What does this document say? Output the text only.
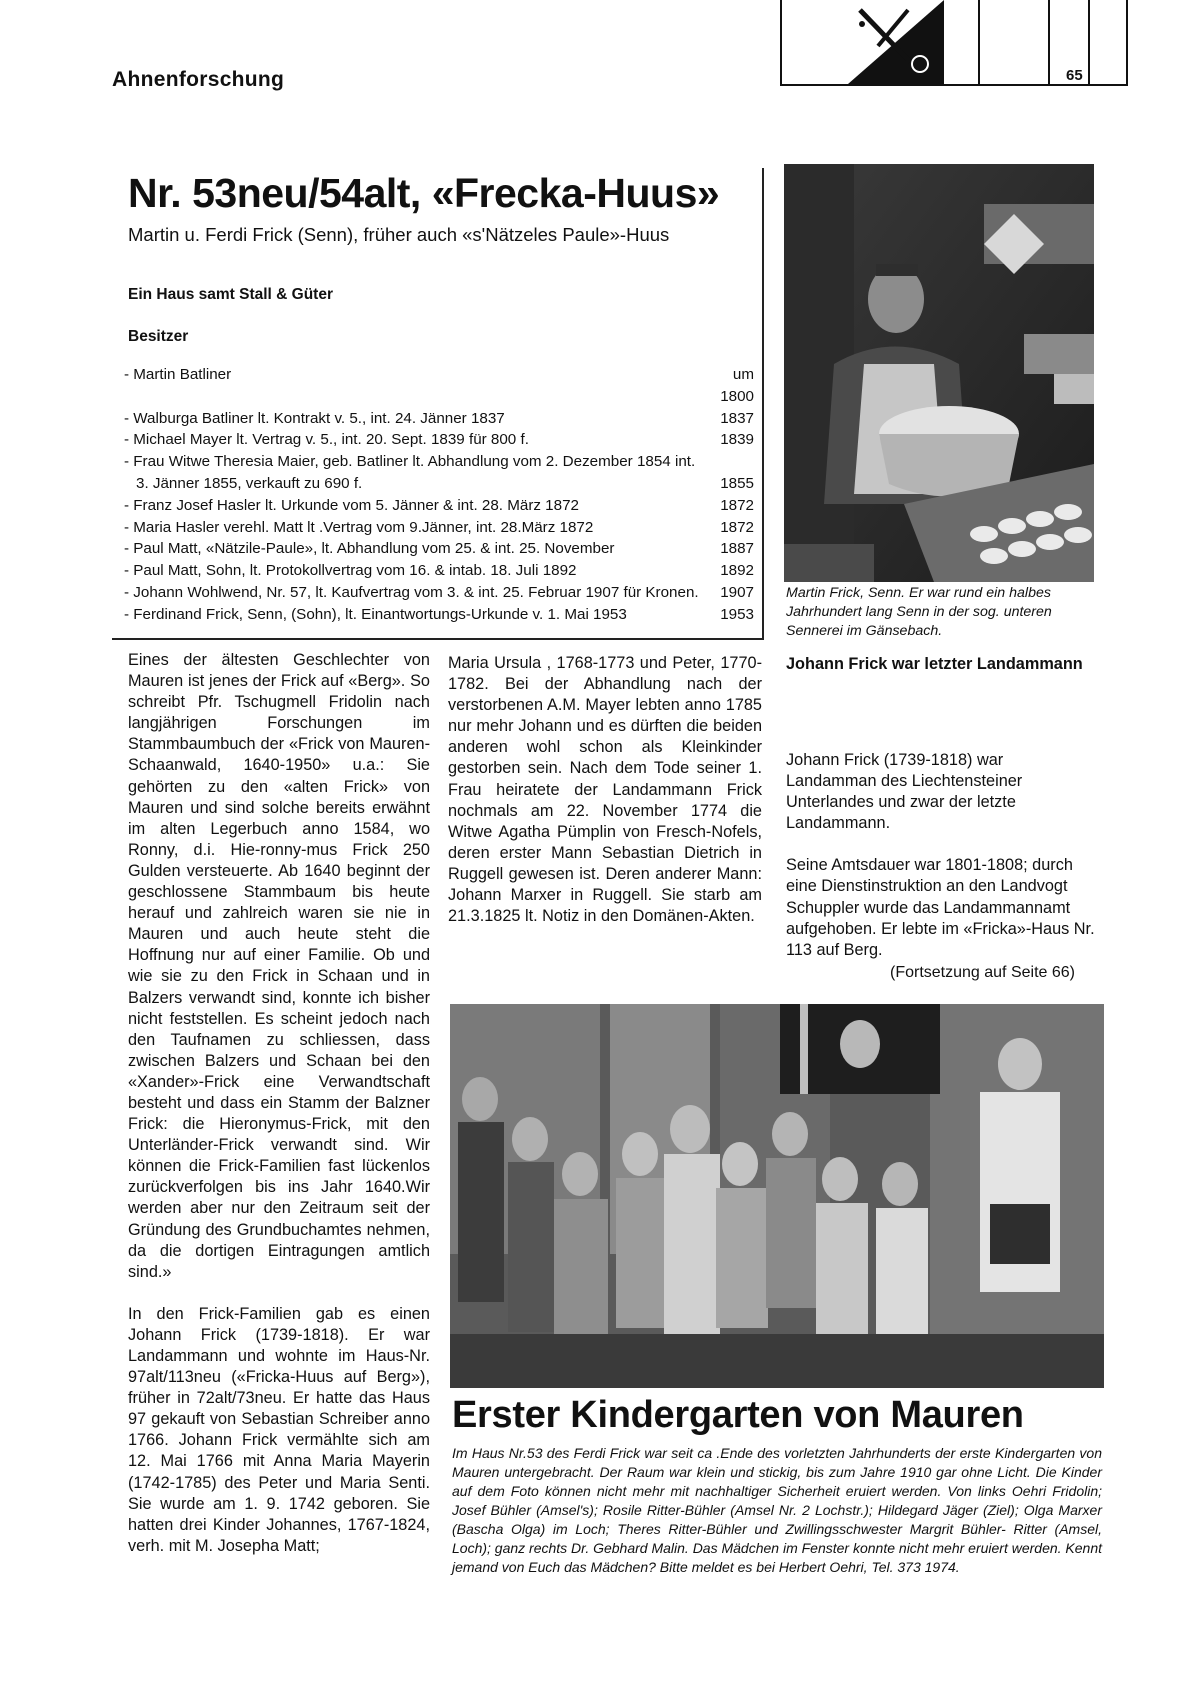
Ahnenforschung	65
Nr. 53neu/54alt, «Frecka-Huus»
Martin u. Ferdi Frick (Senn), früher auch «s'Nätzeles Paule»-Huus
Ein Haus samt Stall & Güter
Besitzer
- Martin Batliner	um 1800
- Walburga Batliner lt. Kontrakt v. 5., int. 24. Jänner 1837	1837
- Michael Mayer lt. Vertrag v. 5., int. 20. Sept. 1839 für 800 f.	1839
- Frau Witwe Theresia Maier, geb. Batliner lt. Abhandlung vom 2. Dezember 1854 int. 3. Jänner 1855, verkauft zu 690 f.	1855
- Franz Josef Hasler lt. Urkunde vom 5. Jänner & int. 28. März 1872	1872
- Maria Hasler verehl. Matt lt .Vertrag vom 9.Jänner, int. 28.März 1872	1872
- Paul Matt, «Nätzile-Paule», lt. Abhandlung vom 25. & int. 25. November	1887
- Paul Matt, Sohn, lt. Protokollvertrag vom 16. & intab. 18. Juli 1892	1892
- Johann Wohlwend, Nr. 57, lt. Kaufvertrag vom 3. & int. 25. Februar 1907 für Kronen.	1907
- Ferdinand Frick, Senn, (Sohn), lt. Einantwortungs-Urkunde v. 1. Mai 1953	1953
Martin Frick, Senn. Er war rund ein halbes Jahrhundert lang Senn in der sog. unteren Sennerei im Gänsebach.

Eines der ältesten Geschlechter von Mauren ist jenes der Frick auf «Berg». So schreibt Pfr. Tschugmell Fridolin nach langjährigen Forschungen im Stammbaumbuch der «Frick von Mauren-Schaanwald, 1640-1950» u.a.: Sie gehörten zu den «alten Frick» von Mauren und sind solche bereits erwähnt im alten Legerbuch anno 1584, wo Ronny, d.i. Hie-ronny-mus Frick 250 Gulden versteuerte. Ab 1640 beginnt der geschlossene Stammbaum bis heute herauf und zahlreich waren sie nie in Mauren und auch heute steht die Hoffnung nur auf einer Familie. Ob und wie sie zu den Frick in Schaan und in Balzers verwandt sind, konnte ich bisher nicht feststellen. Es scheint jedoch nach den Taufnamen zu schliessen, dass zwischen Balzers und Schaan bei den «Xander»-Frick eine Verwandtschaft besteht und dass ein Stamm der Balzner Frick: die Hieronymus-Frick, mit den Unterländer-Frick verwandt sind. Wir können die Frick-Familien fast lückenlos zurückverfolgen bis ins Jahr 1640.Wir werden aber nur den Zeitraum seit der Gründung des Grundbuchamtes nehmen, da die dortigen Eintragungen amtlich sind.»

In den Frick-Familien gab es einen Johann Frick (1739-1818). Er war Landammann und wohnte im Haus-Nr. 97alt/113neu («Fricka-Huus auf Berg»), früher in 72alt/73neu. Er hatte das Haus 97 gekauft von Sebastian Schreiber anno 1766. Johann Frick vermählte sich am 12. Mai 1766 mit Anna Maria Mayerin (1742-1785) des Peter und Maria Senti. Sie wurde am 1. 9. 1742 geboren. Sie hatten drei Kinder Johannes, 1767-1824, verh. mit M. Josepha Matt;

Maria Ursula , 1768-1773 und Peter, 1770-1782. Bei der Abhandlung nach der verstorbenen A.M. Mayer lebten anno 1785 nur mehr Johann und es dürften die beiden anderen wohl schon als Kleinkinder gestorben sein. Nach dem Tode seiner 1. Frau heiratete der Landammann Frick nochmals am 22. November 1774 die Witwe Agatha Pümplin von Fresch-Nofels, deren erster Mann Sebastian Dietrich in Ruggell gewesen ist. Deren anderer Mann: Johann Marxer in Ruggell. Sie starb am 21.3.1825 lt. Notiz in den Domänen-Akten.

Johann Frick war letzter Landammann

Johann Frick (1739-1818) war Landamman des Liechtensteiner Unterlandes und zwar der letzte Landammann.

Seine Amtsdauer war 1801-1808; durch eine Dienstinstruktion an den Landvogt Schuppler wurde das Landammannamt aufgehoben. Er lebte im «Fricka»-Haus Nr. 113 auf Berg.

(Fortsetzung auf Seite 66)
Erster Kindergarten von Mauren
Im Haus Nr.53 des Ferdi Frick war seit ca .Ende des vorletzten Jahrhunderts der erste Kindergarten von Mauren untergebracht. Der Raum war klein und stickig, bis zum Jahre 1910 gar ohne Licht. Die Kinder auf dem Foto können nicht mehr mit nachhaltiger Sicherheit eruiert werden. Von links Oehri Fridolin; Josef Bühler (Amsel's); Rosile Ritter-Bühler (Amsel Nr. 2 Lochstr.); Hildegard Jäger (Ziel); Olga Marxer (Bascha Olga) im Loch; Theres Ritter-Bühler und Zwillingsschwester Margrit Bühler- Ritter (Amsel, Loch); ganz rechts Dr. Gebhard Malin. Das Mädchen im Fenster konnte nicht mehr eruiert werden. Kennt jemand von Euch das Mädchen? Bitte meldet es bei Herbert Oehri, Tel. 373 1974.
